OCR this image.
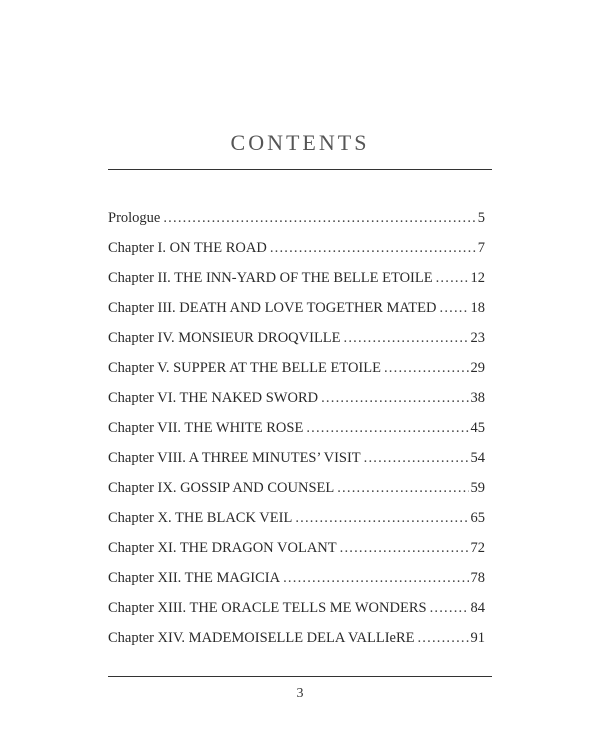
CONTENTS
Prologue .....	5
Chapter I. ON THE ROAD .....	7
Chapter II. THE INN-YARD OF THE BELLE ETOILE .....	12
Chapter III. DEATH AND LOVE TOGETHER MATED ..... 18
Chapter IV. MONSIEUR DROQVILLE .....	23
Chapter V. SUPPER AT THE BELLE ETOILE .....	29
Chapter VI. THE NAKED SWORD .....	38
Chapter VII. THE WHITE ROSE .....	45
Chapter VIII. A THREE MINUTES’ VISIT .....	54
Chapter IX. GOSSIP AND COUNSEL .....	59
Chapter X. THE BLACK VEIL .....	65
Chapter XI. THE DRAGON VOLANT .....	72
Chapter XII. THE MAGICIA .....	78
Chapter XIII. THE ORACLE TELLS ME WONDERS .....	84
Chapter XIV. MADEMOISELLE DELA VALLIeRE .....	91
3
